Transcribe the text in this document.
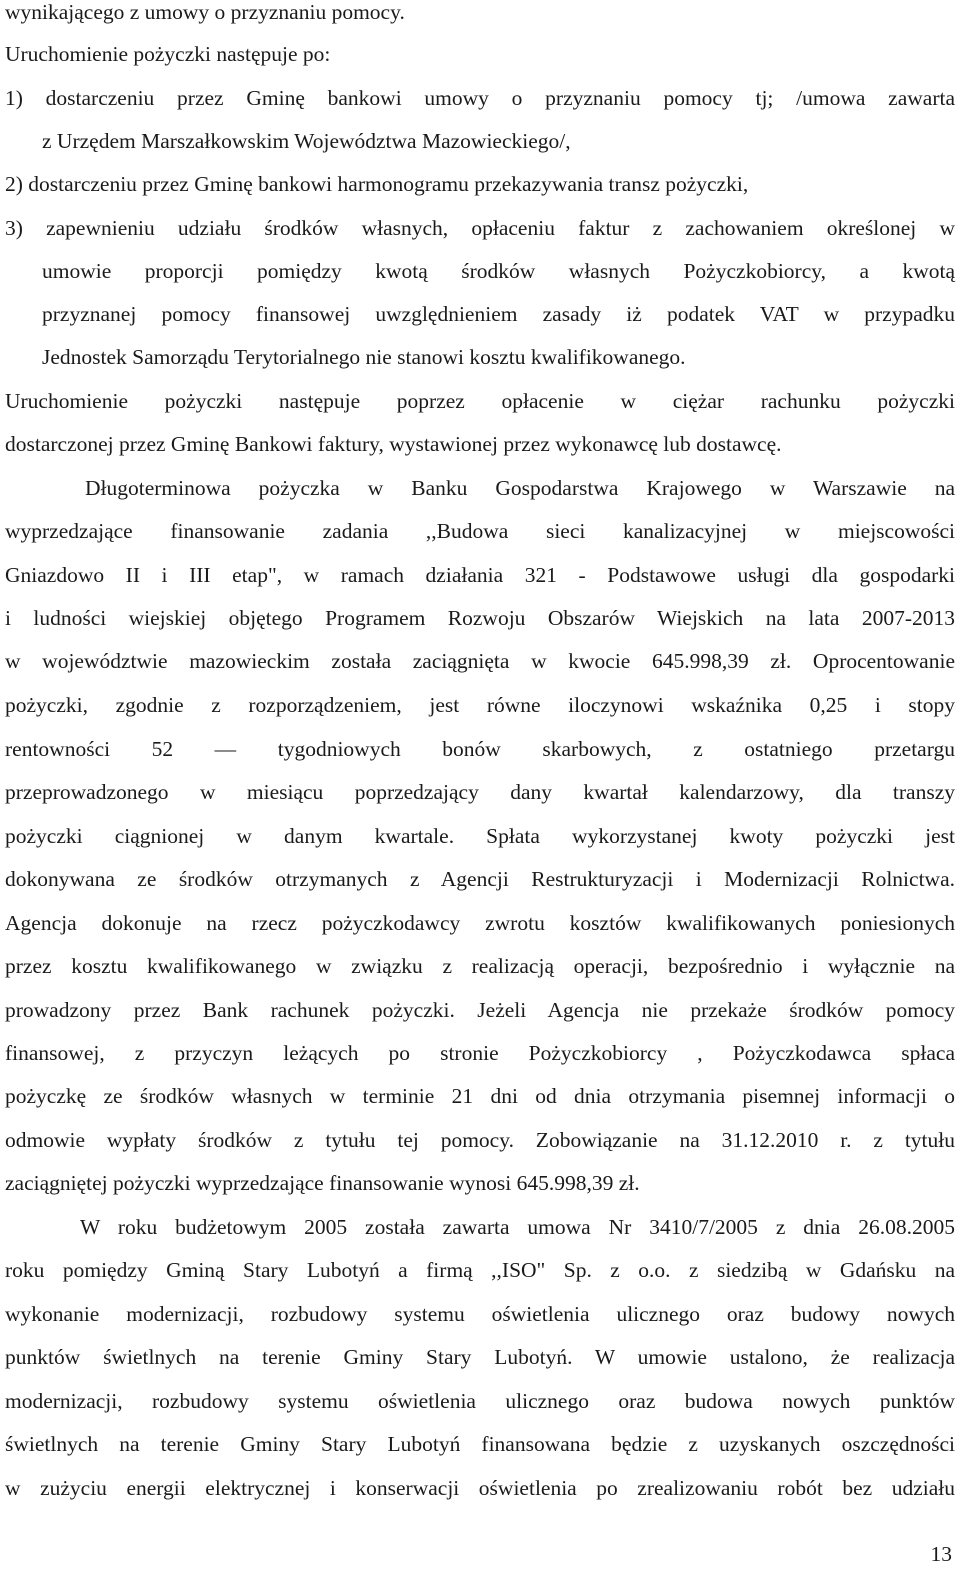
wynikającego z umowy o przyznaniu pomocy.
Uruchomienie pożyczki następuje po:
1) dostarczeniu przez Gminę bankowi umowy o przyznaniu pomocy tj; /umowa zawarta
z Urzędem Marszałkowskim Województwa Mazowieckiego/,
2) dostarczeniu przez Gminę bankowi harmonogramu przekazywania transz pożyczki,
3) zapewnieniu udziału środków własnych, opłaceniu faktur z zachowaniem określonej w
umowie proporcji pomiędzy kwotą środków własnych Pożyczkobiorcy, a kwotą
przyznanej pomocy finansowej uwzględnieniem zasady iż podatek VAT w przypadku
Jednostek Samorządu Terytorialnego nie stanowi kosztu kwalifikowanego.
Uruchomienie pożyczki następuje poprzez opłacenie w ciężar rachunku pożyczki
dostarczonej przez Gminę Bankowi faktury, wystawionej przez wykonawcę lub dostawcę.
Długoterminowa pożyczka w Banku Gospodarstwa Krajowego w Warszawie na
wyprzedzające finansowanie zadania ,,Budowa sieci kanalizacyjnej w miejscowości
Gniazdowo II i III etap", w ramach działania 321 - Podstawowe usługi dla gospodarki
i ludności wiejskiej objętego Programem Rozwoju Obszarów Wiejskich na lata 2007-2013
w województwie mazowieckim została zaciągnięta w kwocie 645.998,39 zł. Oprocentowanie
pożyczki, zgodnie z rozporządzeniem, jest równe iloczynowi wskaźnika 0,25 i stopy
rentowności 52 — tygodniowych bonów skarbowych, z ostatniego przetargu
przeprowadzonego w miesiącu poprzedzający dany kwartał kalendarzowy, dla transzy
pożyczki ciągnionej w danym kwartale. Spłata wykorzystanej kwoty pożyczki jest
dokonywana ze środków otrzymanych z Agencji Restrukturyzacji i Modernizacji Rolnictwa.
Agencja dokonuje na rzecz pożyczkodawcy zwrotu kosztów kwalifikowanych poniesionych
przez kosztu kwalifikowanego w związku z realizacją operacji, bezpośrednio i wyłącznie na
prowadzony przez Bank rachunek pożyczki. Jeżeli Agencja nie przekaże środków pomocy
finansowej, z przyczyn leżących po stronie Pożyczkobiorcy , Pożyczkodawca spłaca
pożyczkę ze środków własnych w terminie 21 dni od dnia otrzymania pisemnej informacji o
odmowie wypłaty środków z tytułu tej pomocy. Zobowiązanie na 31.12.2010 r. z tytułu
zaciągniętej pożyczki wyprzedzające finansowanie wynosi 645.998,39 zł.
W roku budżetowym 2005 została zawarta umowa Nr 3410/7/2005 z dnia 26.08.2005
roku pomiędzy Gminą Stary Lubotyń a firmą ,,ISO" Sp. z o.o. z siedzibą w Gdańsku na
wykonanie modernizacji, rozbudowy systemu oświetlenia ulicznego oraz budowy nowych
punktów świetlnych na terenie Gminy Stary Lubotyń. W umowie ustalono, że realizacja
modernizacji, rozbudowy systemu oświetlenia ulicznego oraz budowa nowych punktów
świetlnych na terenie Gminy Stary Lubotyń finansowana będzie z uzyskanych oszczędności
w zużyciu energii elektrycznej i konserwacji oświetlenia po zrealizowaniu robót bez udziału
13
